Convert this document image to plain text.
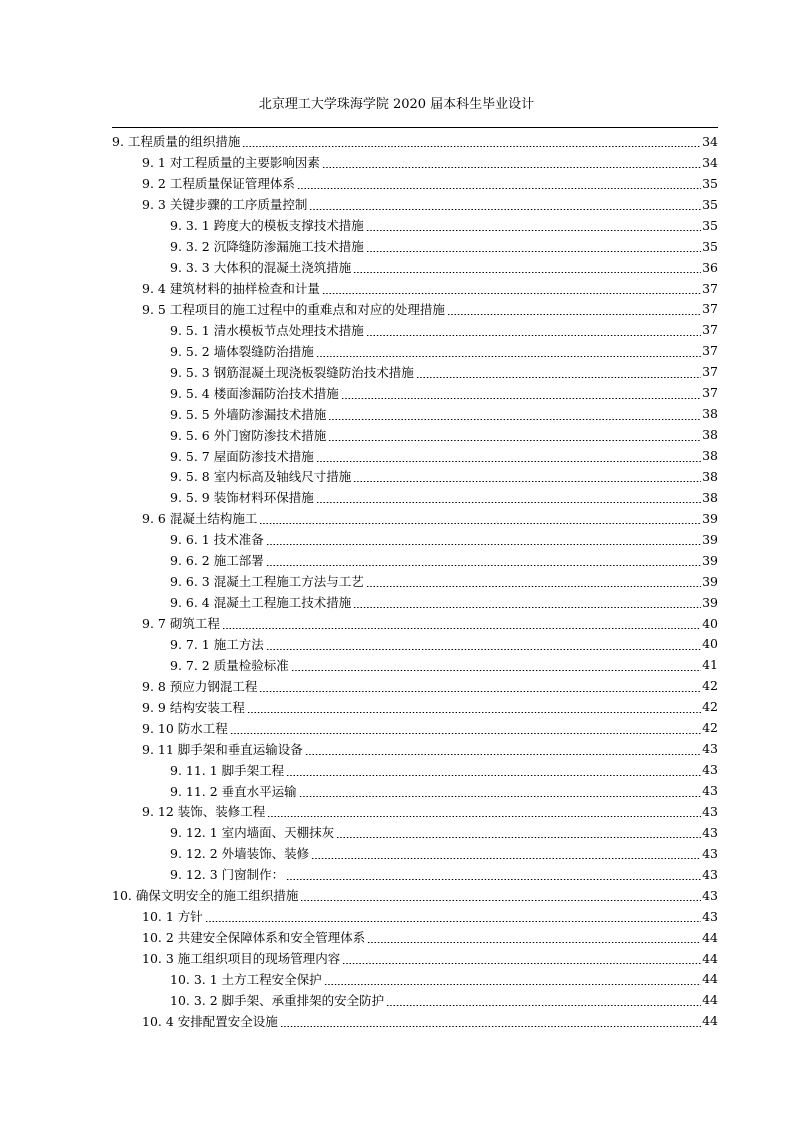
北京理工大学珠海学院 2020 届本科生毕业设计
9. 工程质量的组织措施	34
9. 1 对工程质量的主要影响因素	34
9. 2 工程质量保证管理体系	35
9. 3 关键步骤的工序质量控制	35
9. 3. 1 跨度大的模板支撑技术措施	35
9. 3. 2 沉降缝防渗漏施工技术措施	35
9. 3. 3 大体积的混凝土浇筑措施	36
9. 4 建筑材料的抽样检查和计量	37
9. 5 工程项目的施工过程中的重难点和对应的处理措施	37
9. 5. 1 清水模板节点处理技术措施	37
9. 5. 2 墙体裂缝防治措施	37
9. 5. 3 钢筋混凝土现浇板裂缝防治技术措施	37
9. 5. 4 楼面渗漏防治技术措施	37
9. 5. 5 外墙防渗漏技术措施	38
9. 5. 6 外门窗防渗技术措施	38
9. 5. 7 屋面防渗技术措施	38
9. 5. 8 室内标高及轴线尺寸措施	38
9. 5. 9 装饰材料环保措施	38
9. 6 混凝土结构施工	39
9. 6. 1 技术准备	39
9. 6. 2 施工部署	39
9. 6. 3 混凝土工程施工方法与工艺	39
9. 6. 4 混凝土工程施工技术措施	39
9. 7 砌筑工程	40
9. 7. 1 施工方法	40
9. 7. 2 质量检验标准	41
9. 8 预应力钢混工程	42
9. 9 结构安装工程	42
9. 10 防水工程	42
9. 11 脚手架和垂直运输设备	43
9. 11. 1 脚手架工程	43
9. 11. 2 垂直水平运输	43
9. 12 装饰、装修工程	43
9. 12. 1 室内墙面、天棚抹灰	43
9. 12. 2 外墙装饰、装修	43
9. 12. 3 门窗制作：	43
10. 确保文明安全的施工组织措施	43
10. 1 方针	43
10. 2 共建安全保障体系和安全管理体系	44
10. 3 施工组织项目的现场管理内容	44
10. 3. 1 土方工程安全保护	44
10. 3. 2 脚手架、承重排架的安全防护	44
10. 4 安排配置安全设施	44
